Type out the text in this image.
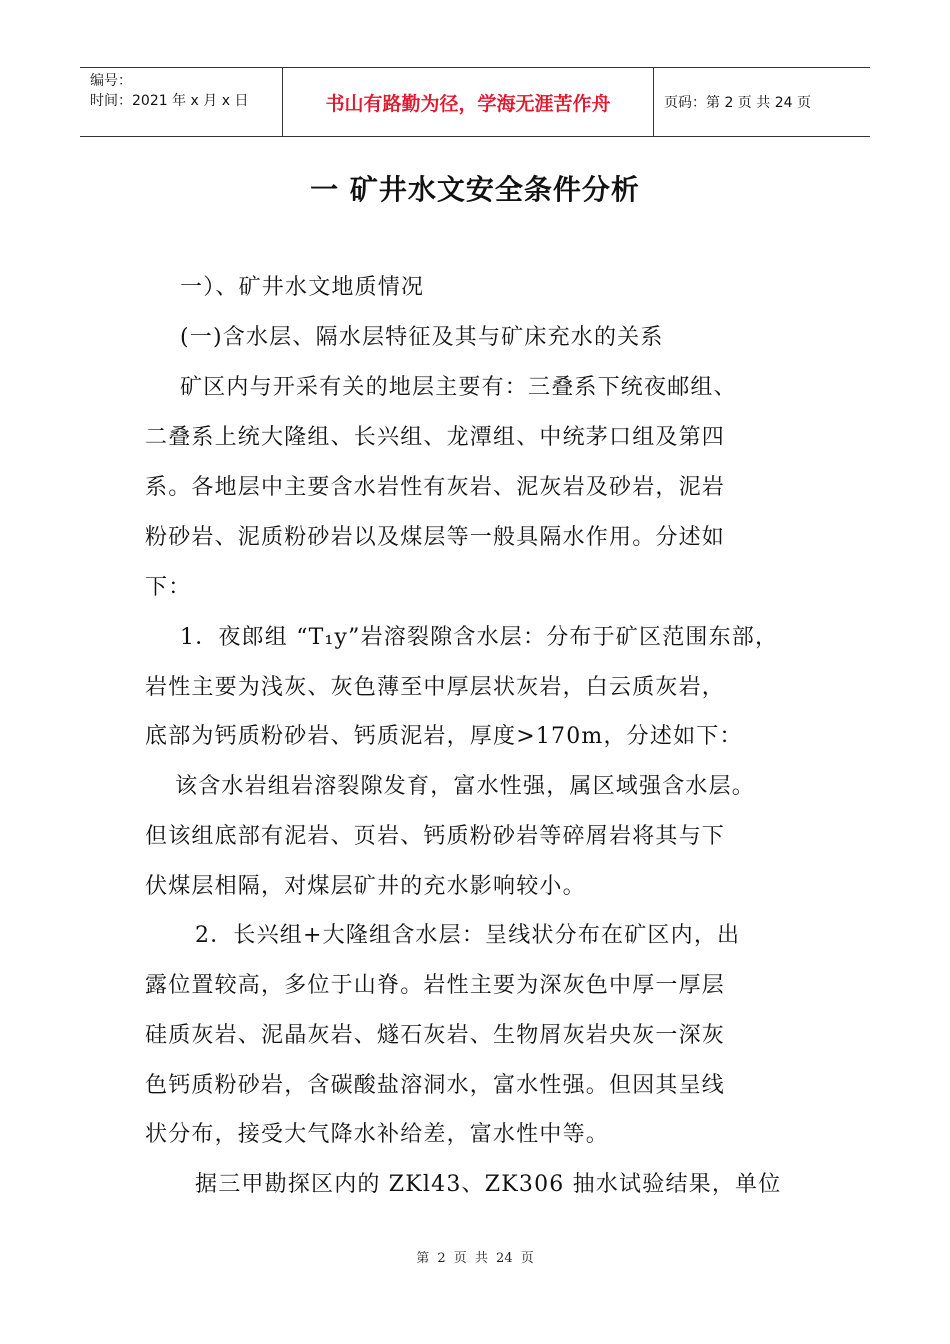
编号：
时间：2021 年 x 月 x 日	书山有路勤为径，学海无涯苦作舟	页码：第 2 页 共 24 页
一 矿井水文安全条件分析
一）、矿井水文地质情况
(一)含水层、隔水层特征及其与矿床充水的关系
矿区内与开采有关的地层主要有：三叠系下统夜邮组、
二叠系上统大隆组、长兴组、龙潭组、中统茅口组及第四
系。各地层中主要含水岩性有灰岩、泥灰岩及砂岩，泥岩
粉砂岩、泥质粉砂岩以及煤层等一般具隔水作用。分述如
下：
1．夜郎组 “T₁y”岩溶裂隙含水层：分布于矿区范围东部，
岩性主要为浅灰、灰色薄至中厚层状灰岩，白云质灰岩，
底部为钙质粉砂岩、钙质泥岩，厚度>170m，分述如下：
该含水岩组岩溶裂隙发育，富水性强，属区域强含水层。
但该组底部有泥岩、页岩、钙质粉砂岩等碎屑岩将其与下
伏煤层相隔，对煤层矿井的充水影响较小。
2．长兴组+大隆组含水层：呈线状分布在矿区内，出
露位置较高，多位于山脊。岩性主要为深灰色中厚一厚层
硅质灰岩、泥晶灰岩、燧石灰岩、生物屑灰岩央灰一深灰
色钙质粉砂岩，含碳酸盐溶洞水，富水性强。但因其呈线
状分布，接受大气降水补给差，富水性中等。
据三甲勘探区内的 ZKl43、ZK306 抽水试验结果，单位
第 2 页 共 24 页
